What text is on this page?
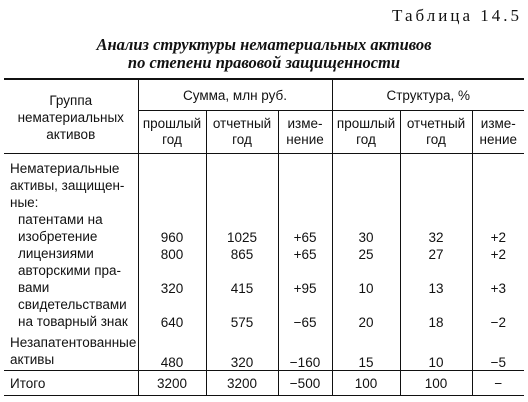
Таблица 14.5
Анализ структуры нематериальных активов
по степени правовой защищенности
Группа нематериальных активов	Сумма, млн руб.			Структура, %		
	прошлый год	отчетный год	изме- нение	прошлый год	отчетный год	изме- нение

Нематериальные
активы, защищен-
ные:						

патентами на
изобретение	960	1025	+65	30	32	+2

лицензиями	800	865	+65	25	27	+2

авторскими пра-
вами	320	415	+95	10	13	+3

свидетельствами
на товарный знак	640	575	−65	20	18	−2

Незапатентованные
активы	480	320	−160	15	10	−5
Итого	3200	3200	−500	100	100	−
